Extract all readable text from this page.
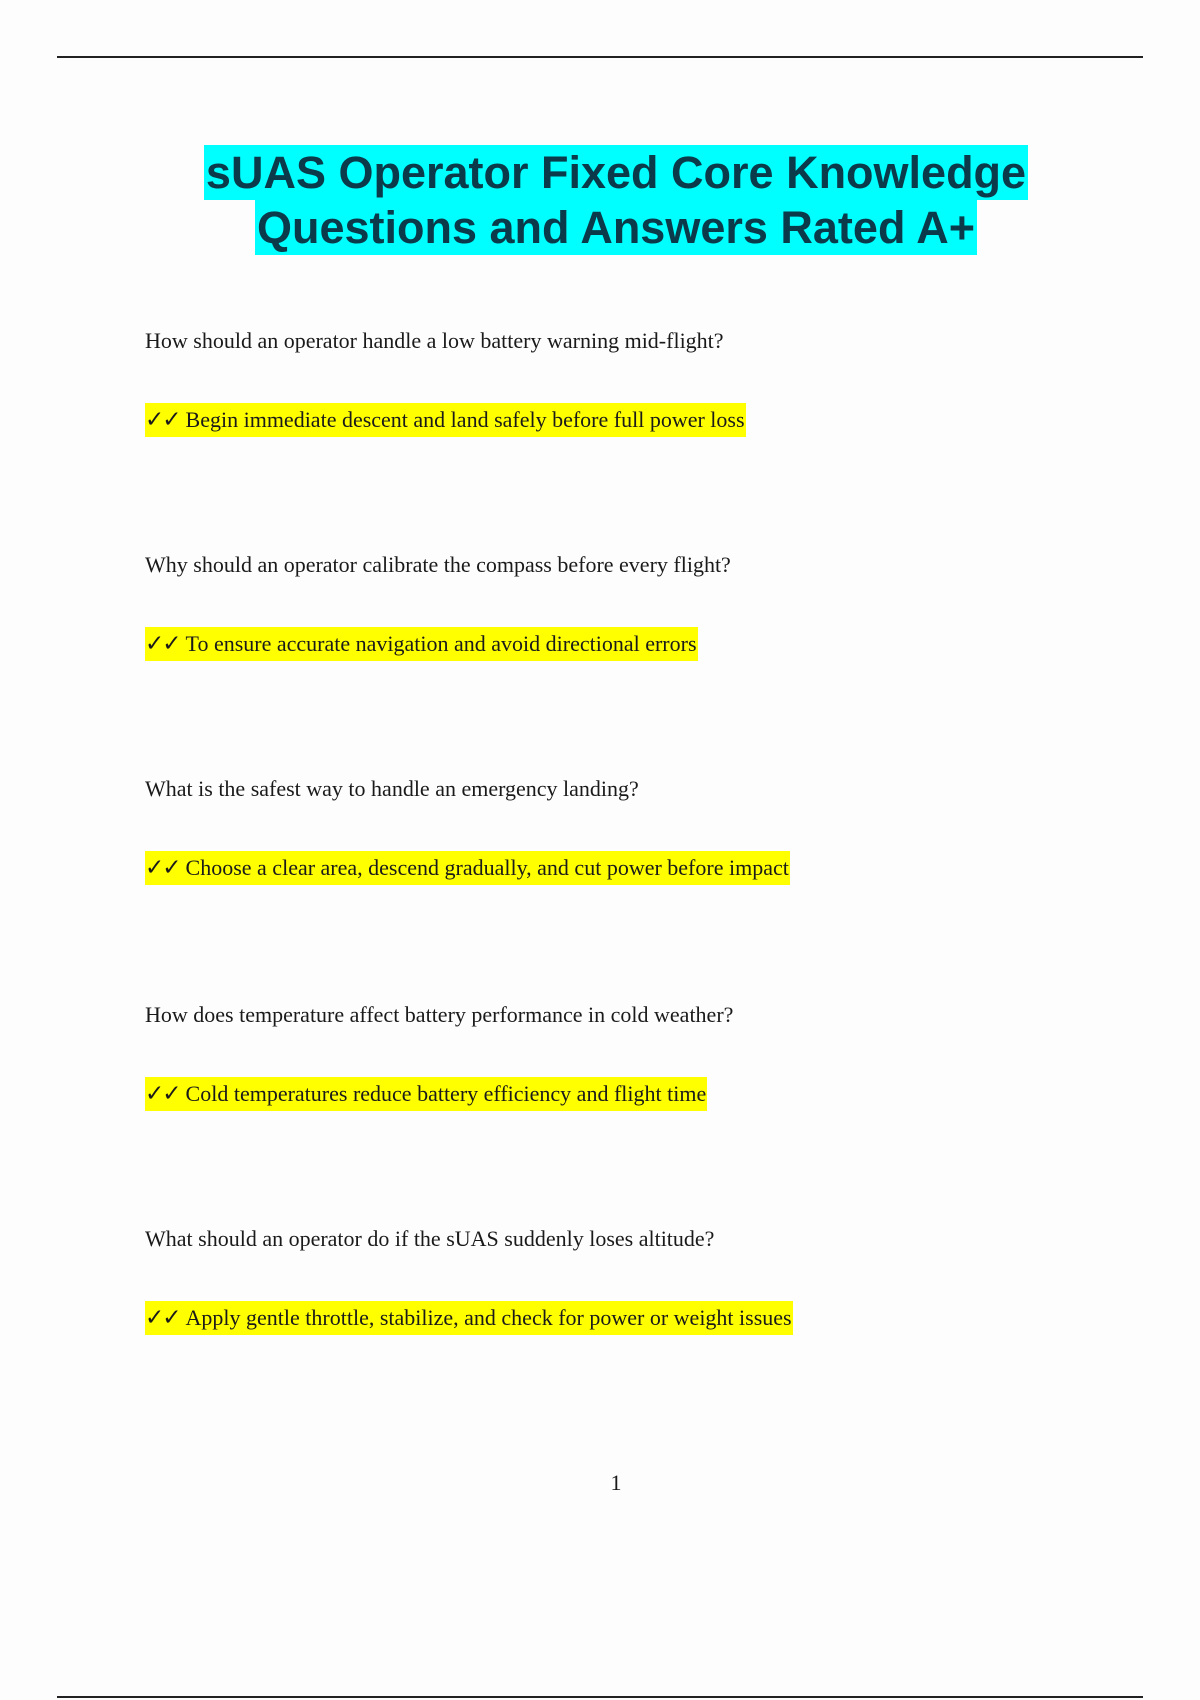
sUAS Operator Fixed Core Knowledge
Questions and Answers Rated A+

How should an operator handle a low battery warning mid-flight?

✓✓ Begin immediate descent and land safely before full power loss

Why should an operator calibrate the compass before every flight?

✓✓ To ensure accurate navigation and avoid directional errors

What is the safest way to handle an emergency landing?

✓✓ Choose a clear area, descend gradually, and cut power before impact

How does temperature affect battery performance in cold weather?

✓✓ Cold temperatures reduce battery efficiency and flight time

What should an operator do if the sUAS suddenly loses altitude?

✓✓ Apply gentle throttle, stabilize, and check for power or weight issues
1
